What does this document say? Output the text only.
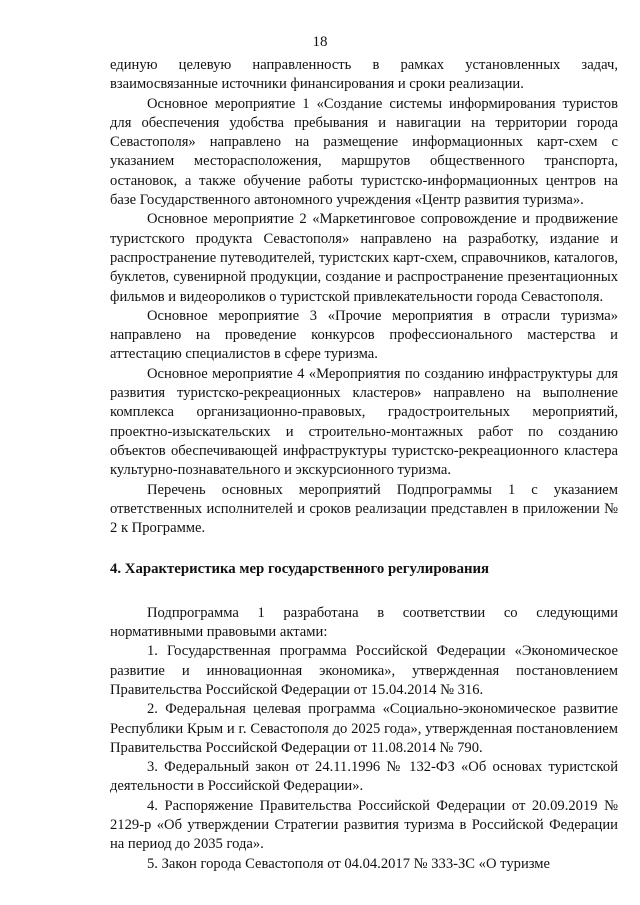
18

единую целевую направленность в рамках установленных задач, взаимосвязанные источники финансирования и сроки реализации.

Основное мероприятие 1 «Создание системы информирования туристов для обеспечения удобства пребывания и навигации на территории города Севастополя» направлено на размещение информационных карт-схем с указанием месторасположения, маршрутов общественного транспорта, остановок, а также обучение работы туристско-информационных центров на базе Государственного автономного учреждения «Центр развития туризма».

Основное мероприятие 2 «Маркетинговое сопровождение и продвижение туристского продукта Севастополя» направлено на разработку, издание и распространение путеводителей, туристских карт-схем, справочников, каталогов, буклетов, сувенирной продукции, создание и распространение презентационных фильмов и видеороликов о туристской привлекательности города Севастополя.

Основное мероприятие 3 «Прочие мероприятия в отрасли туризма» направлено на проведение конкурсов профессионального мастерства и аттестацию специалистов в сфере туризма.

Основное мероприятие 4 «Мероприятия по созданию инфраструктуры для развития туристско-рекреационных кластеров» направлено на выполнение комплекса организационно-правовых, градостроительных мероприятий, проектно-изыскательских и строительно-монтажных работ по созданию объектов обеспечивающей инфраструктуры туристско-рекреационного кластера культурно-познавательного и экскурсионного туризма.

Перечень основных мероприятий Подпрограммы 1 с указанием ответственных исполнителей и сроков реализации представлен в приложении № 2 к Программе.

4. Характеристика мер государственного регулирования

Подпрограмма 1 разработана в соответствии со следующими нормативными правовыми актами:

1. Государственная программа Российской Федерации «Экономическое развитие и инновационная экономика», утвержденная постановлением Правительства Российской Федерации от 15.04.2014 № 316.

2. Федеральная целевая программа «Социально-экономическое развитие Республики Крым и г. Севастополя до 2025 года», утвержденная постановлением Правительства Российской Федерации от 11.08.2014 № 790.

3. Федеральный закон от 24.11.1996 № 132-ФЗ «Об основах туристской деятельности в Российской Федерации».

4. Распоряжение Правительства Российской Федерации от 20.09.2019 № 2129-р «Об утверждении Стратегии развития туризма в Российской Федерации на период до 2035 года».

5. Закон города Севастополя от 04.04.2017 № 333-ЗС «О туризме
